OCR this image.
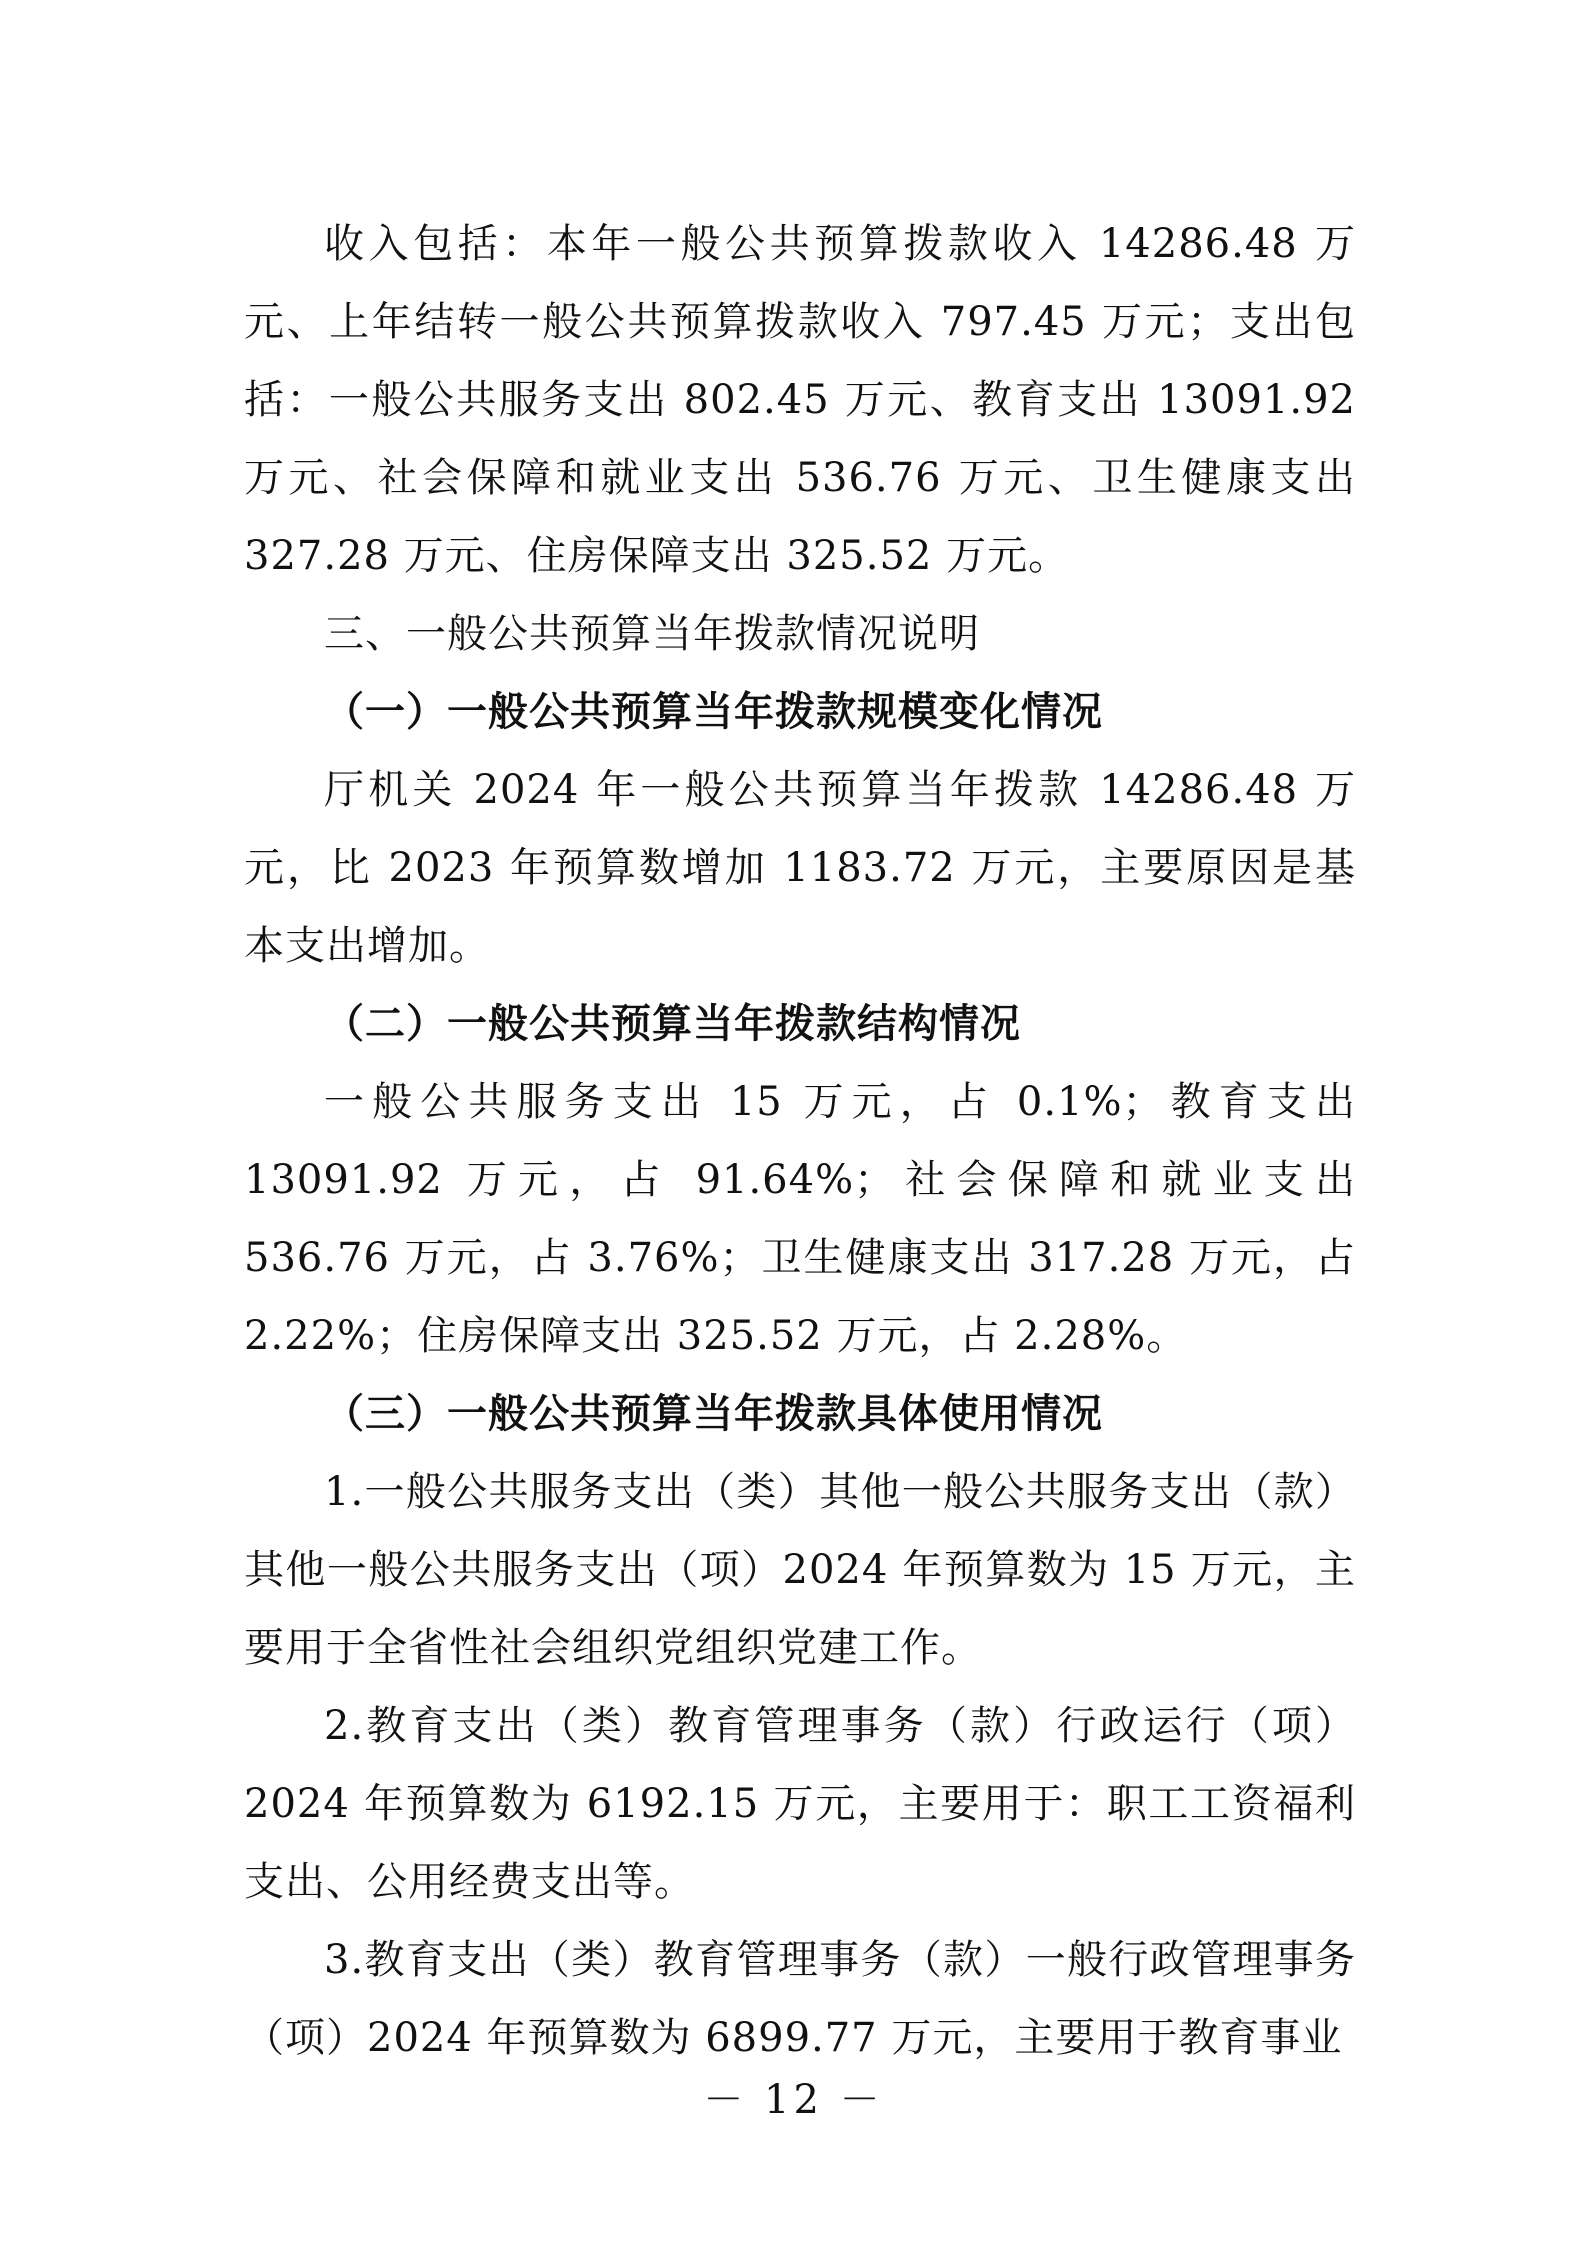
收入包括：本年一般公共预算拨款收入 14286.48 万元、上年结转一般公共预算拨款收入 797.45 万元；支出包括：一般公共服务支出 802.45 万元、教育支出 13091.92 万元、社会保障和就业支出 536.76 万元、卫生健康支出 327.28 万元、住房保障支出 325.52 万元。

三、一般公共预算当年拨款情况说明

（一）一般公共预算当年拨款规模变化情况

厅机关 2024 年一般公共预算当年拨款 14286.48 万元，比 2023 年预算数增加 1183.72 万元，主要原因是基本支出增加。

（二）一般公共预算当年拨款结构情况

一般公共服务支出 15 万元，占 0.1%；教育支出 13091.92 万元，占 91.64%；社会保障和就业支出 536.76 万元，占 3.76%；卫生健康支出 317.28 万元，占 2.22%；住房保障支出 325.52 万元，占 2.28%。

（三）一般公共预算当年拨款具体使用情况

1.一般公共服务支出（类）其他一般公共服务支出（款）其他一般公共服务支出（项）2024 年预算数为 15 万元，主要用于全省性社会组织党组织党建工作。

2.教育支出（类）教育管理事务（款）行政运行（项）2024 年预算数为 6192.15 万元，主要用于：职工工资福利支出、公用经费支出等。

3.教育支出（类）教育管理事务（款）一般行政管理事务（项）2024 年预算数为 6899.77 万元，主要用于教育事业

－ 12 －
